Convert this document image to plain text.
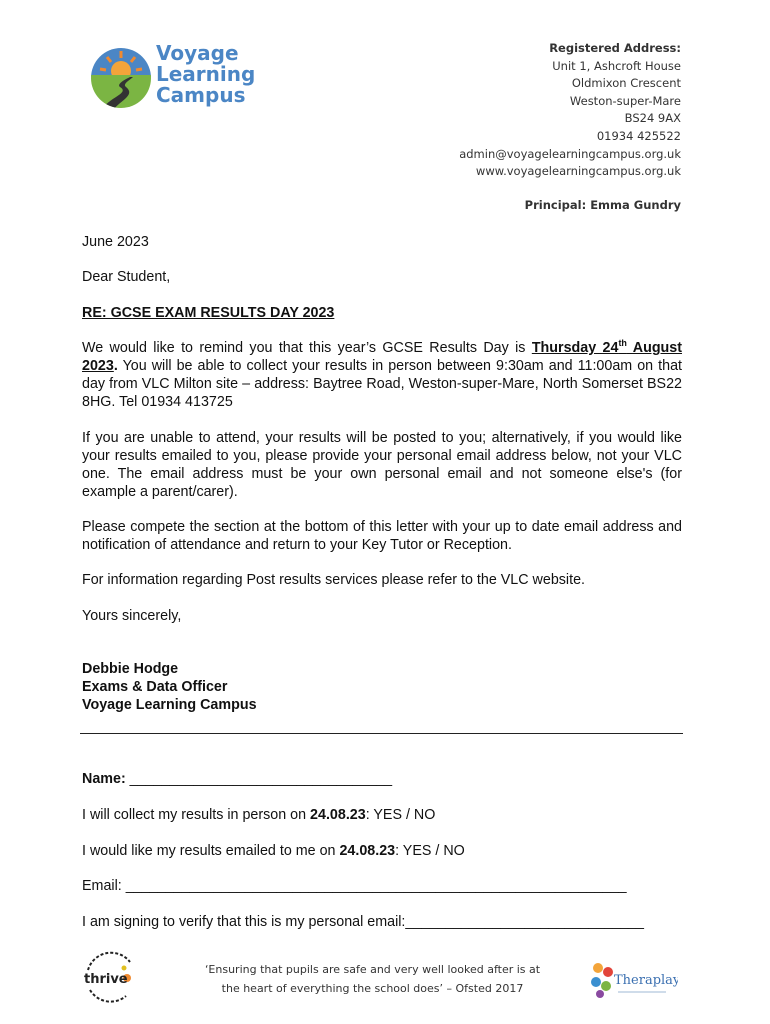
Voyage
Learning
Campus
Registered Address:
Unit 1, Ashcroft House
Oldmixon Crescent
Weston-super-Mare
BS24 9AX
01934 425522
admin@voyagelearningcampus.org.uk
www.voyagelearningcampus.org.uk
Principal: Emma Gundry
June 2023
Dear Student,
RE: GCSE EXAM RESULTS DAY 2023
We would like to remind you that this year’s GCSE Results Day is Thursday 24th August 2023. You will be able to collect your results in person between 9:30am and 11:00am on that day from VLC Milton site – address: Baytree Road, Weston-super-Mare, North Somerset BS22 8HG. Tel 01934 413725
If you are unable to attend, your results will be posted to you; alternatively, if you would like your results emailed to you, please provide your personal email address below, not your VLC one. The email address must be your own personal email and not someone else's (for example a parent/carer).
Please compete the section at the bottom of this letter with your up to date email address and notification of attendance and return to your Key Tutor or Reception.
For information regarding Post results services please refer to the VLC website.
Yours sincerely,
Debbie Hodge
Exams & Data Officer
Voyage Learning Campus
Name: _________________________________
I will collect my results in person on 24.08.23: YES / NO
I would like my results emailed to me on 24.08.23: YES / NO
Email: _______________________________________________________________
I am signing to verify that this is my personal email:______________________________
thrive
‘Ensuring that pupils are safe and very well looked after is at
the heart of everything the school does’ – Ofsted 2017
Theraplay
